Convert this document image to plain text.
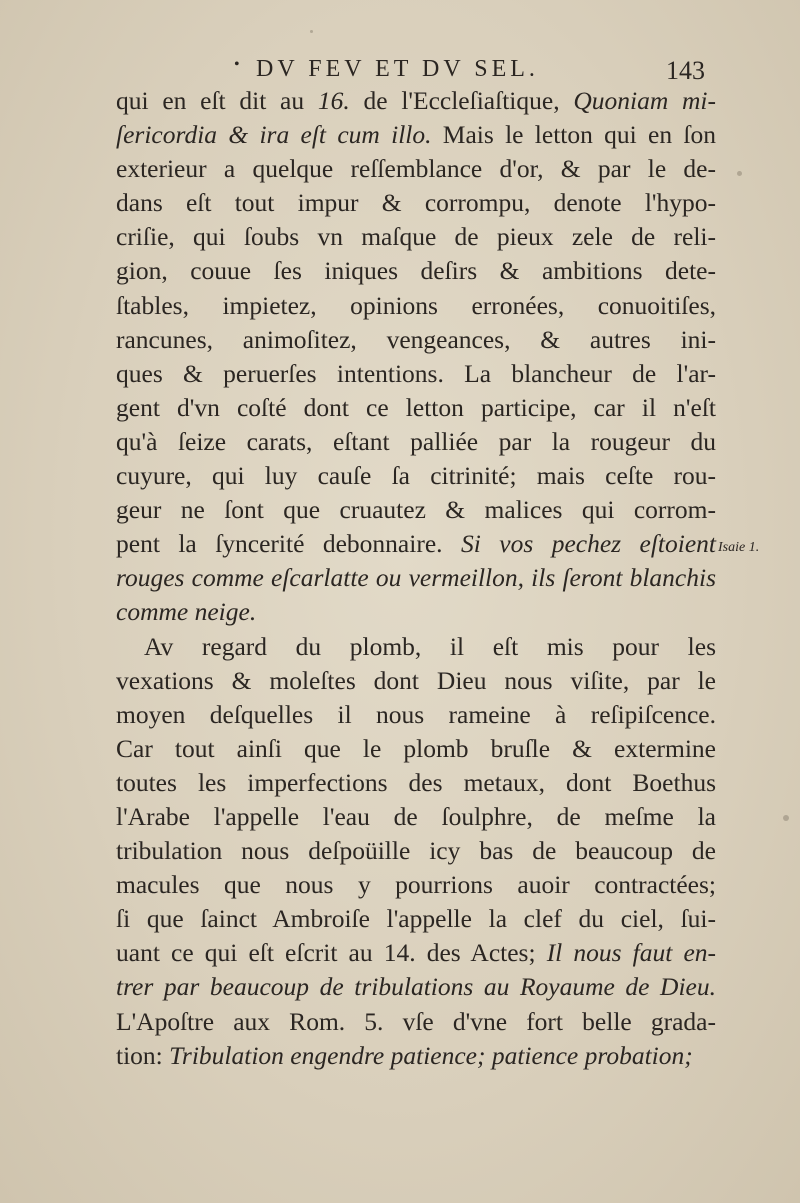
• DV FEV ET DV SEL.	143
qui en eſt dit au 16. de l'Eccleſiaſtique, Quoniam mi-
ſericordia & ira eſt cum illo. Mais le letton qui en ſon
exterieur a quelque reſſemblance d'or, & par le de-
dans eſt tout impur & corrompu, denote l'hypo-
criſie, qui ſoubs vn maſque de pieux zele de reli-
gion, couue ſes iniques deſirs & ambitions dete-
ſtables, impietez, opinions erronées, conuoitiſes,
rancunes, animoſitez, vengeances, & autres ini-
ques & peruerſes intentions. La blancheur de l'ar-
gent d'vn coſté dont ce letton participe, car il n'eſt
qu'à ſeize carats, eſtant palliée par la rougeur du
cuyure, qui luy cauſe ſa citrinité; mais ceſte rou-
geur ne ſont que cruautez & malices qui corrom-
pent la ſyncerité debonnaire. Si vos pechez eſtoient
rouges comme eſcarlatte ou vermeillon, ils ſeront blanchis
comme neige.
Av regard du plomb, il eſt mis pour les
vexations & moleſtes dont Dieu nous viſite, par le
moyen deſquelles il nous rameine à reſipiſcence.
Car tout ainſi que le plomb bruſle & extermine
toutes les imperfections des metaux, dont Boethus
l'Arabe l'appelle l'eau de ſoulphre, de meſme la
tribulation nous deſpoüille icy bas de beaucoup de
macules que nous y pourrions auoir contractées;
ſi que ſainct Ambroiſe l'appelle la clef du ciel, ſui-
uant ce qui eſt eſcrit au 14. des Actes; Il nous faut en-
trer par beaucoup de tribulations au Royaume de Dieu.
L'Apoſtre aux Rom. 5. vſe d'vne fort belle grada-
tion: Tribulation engendre patience; patience probation;
Isaie 1.
